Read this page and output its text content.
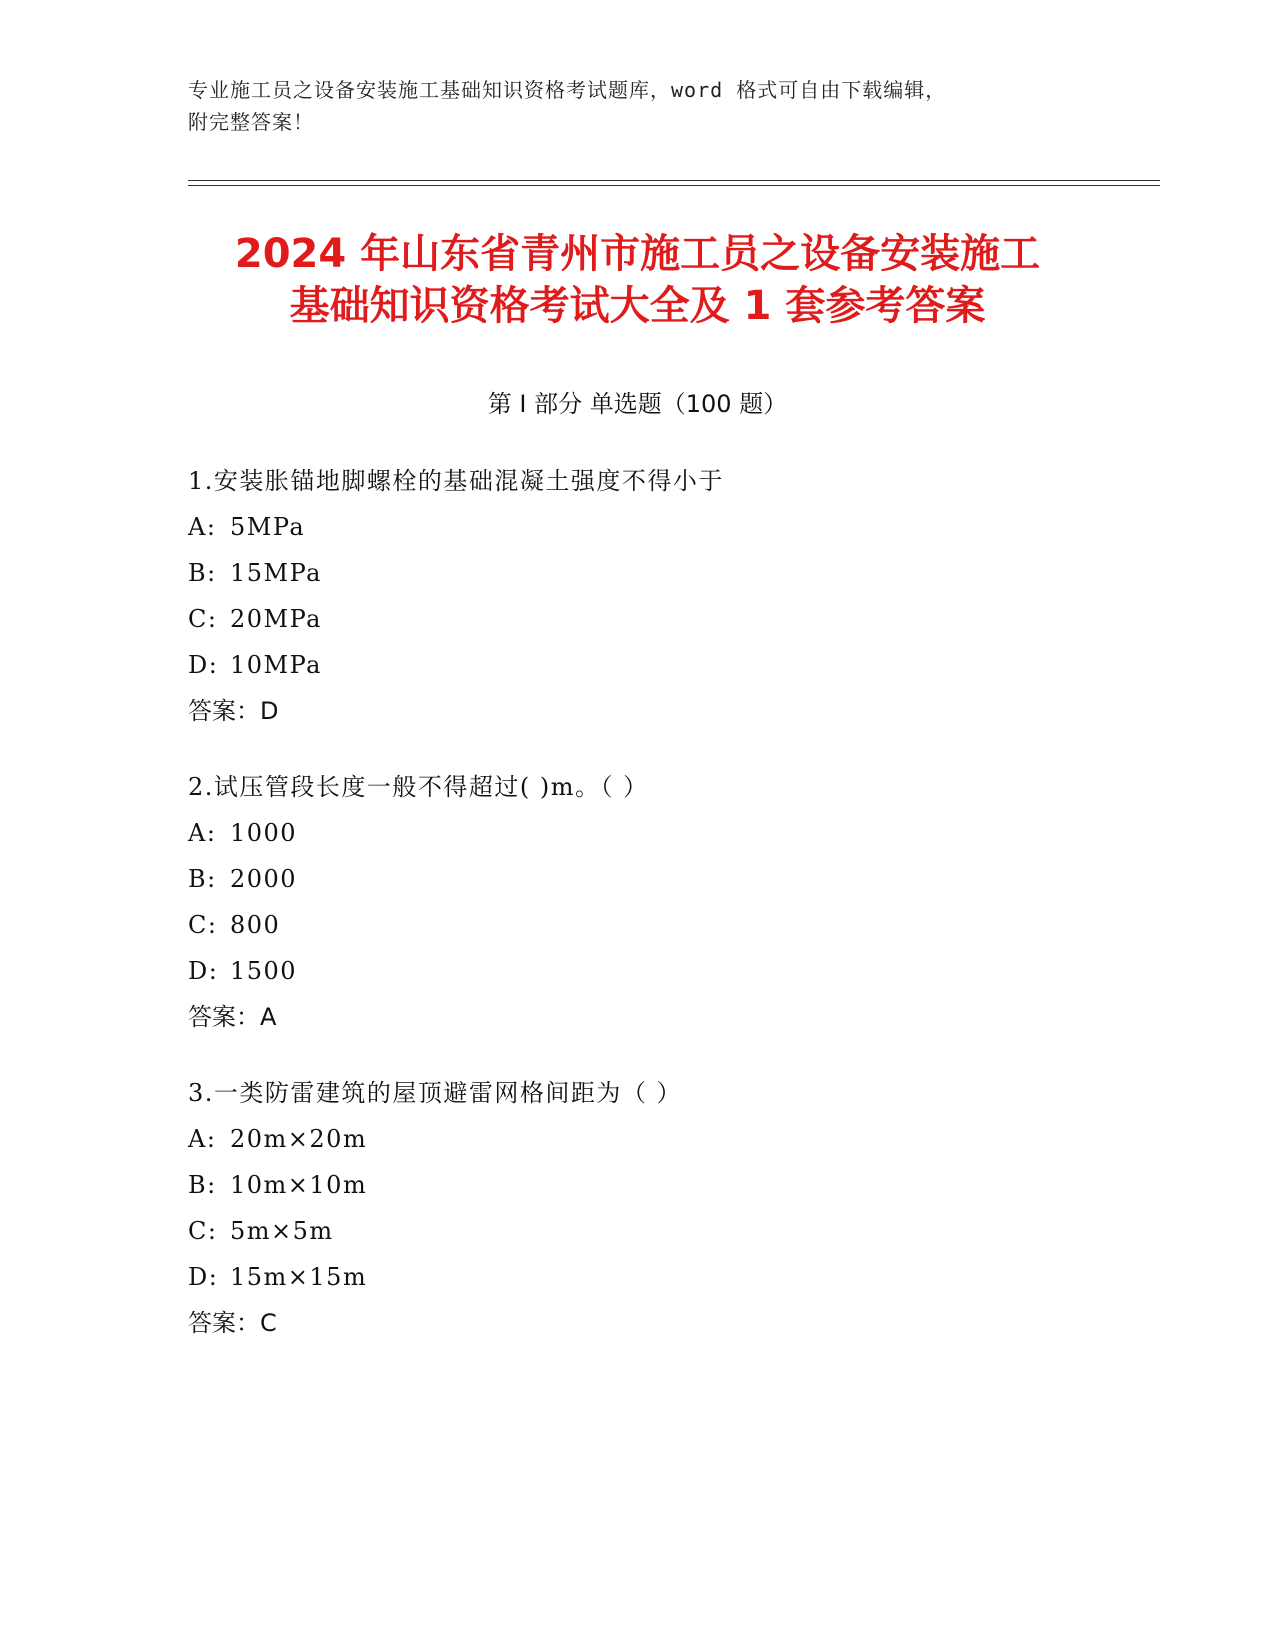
专业施工员之设备安装施工基础知识资格考试题库，word 格式可自由下载编辑，
附完整答案！
2024 年山东省青州市施工员之设备安装施工
基础知识资格考试大全及 1 套参考答案
第 I 部分 单选题（100 题）
1.安装胀锚地脚螺栓的基础混凝土强度不得小于
A: 5MPa
B: 15MPa
C: 20MPa
D: 10MPa
答案：D
2.试压管段长度一般不得超过( )m。（ ）
A: 1000
B: 2000
C: 800
D: 1500
答案：A
3.一类防雷建筑的屋顶避雷网格间距为（ ）
A: 20m×20m
B: 10m×10m
C: 5m×5m
D: 15m×15m
答案：C
